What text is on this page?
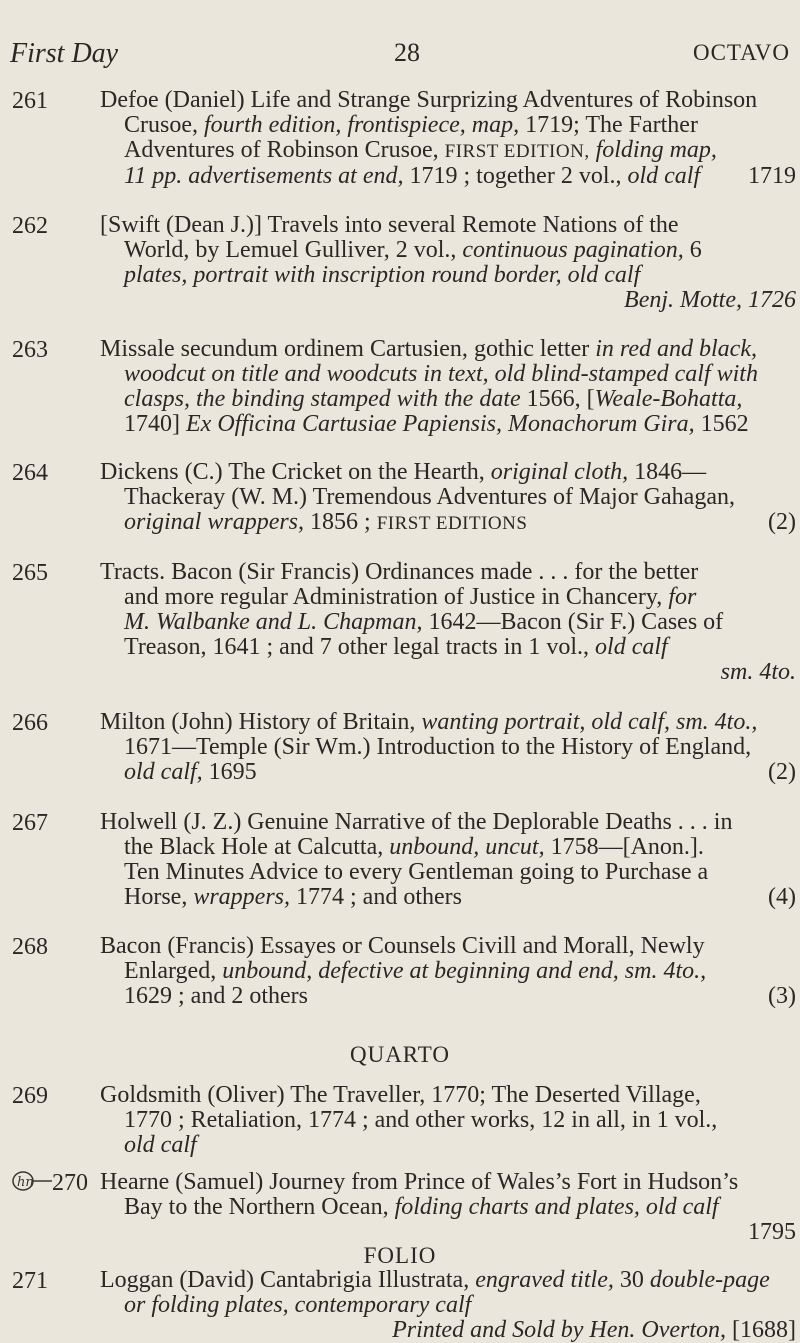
First Day	28	OCTAVO
261 Defoe (Daniel) Life and Strange Surprizing Adventures of Robinson
Crusoe, fourth edition, frontispiece, map, 1719; The Farther
Adventures of Robinson Crusoe, FIRST EDITION, folding map,
11 pp. advertisements at end, 1719 ; together 2 vol., old calf 1719
262 [Swift (Dean J.)] Travels into several Remote Nations of the
World, by Lemuel Gulliver, 2 vol., continuous pagination, 6
plates, portrait with inscription round border, old calf
Benj. Motte, 1726
263 Missale secundum ordinem Cartusien, gothic letter in red and black,
woodcut on title and woodcuts in text, old blind-stamped calf with
clasps, the binding stamped with the date 1566, [Weale-Bohatta,
1740] Ex Officina Cartusiae Papiensis, Monachorum Gira, 1562
264 Dickens (C.) The Cricket on the Hearth, original cloth, 1846—
Thackeray (W. M.) Tremendous Adventures of Major Gahagan,
original wrappers, 1856 ; FIRST EDITIONS	(2)
265 Tracts. Bacon (Sir Francis) Ordinances made . . . for the better
and more regular Administration of Justice in Chancery, for
M. Walbanke and L. Chapman, 1642—Bacon (Sir F.) Cases of
Treason, 1641 ; and 7 other legal tracts in 1 vol., old calf
sm. 4to.
266 Milton (John) History of Britain, wanting portrait, old calf, sm. 4to.,
1671—Temple (Sir Wm.) Introduction to the History of England,
old calf, 1695	(2)
267 Holwell (J. Z.) Genuine Narrative of the Deplorable Deaths . . . in
the Black Hole at Calcutta, unbound, uncut, 1758—[Anon.].
Ten Minutes Advice to every Gentleman going to Purchase a
Horse, wrappers, 1774 ; and others	(4)
268 Bacon (Francis) Essayes or Counsels Civill and Morall, Newly
Enlarged, unbound, defective at beginning and end, sm. 4to.,
1629 ; and 2 others	(3)
QUARTO
269 Goldsmith (Oliver) The Traveller, 1770; The Deserted Village,
1770 ; Retaliation, 1774 ; and other works, 12 in all, in 1 vol.,
old calf
hn 270 Hearne (Samuel) Journey from Prince of Wales’s Fort in Hudson’s
Bay to the Northern Ocean, folding charts and plates, old calf
1795
FOLIO
271 Loggan (David) Cantabrigia Illustrata, engraved title, 30 double-page
or folding plates, contemporary calf
Printed and Sold by Hen. Overton, [1688]
